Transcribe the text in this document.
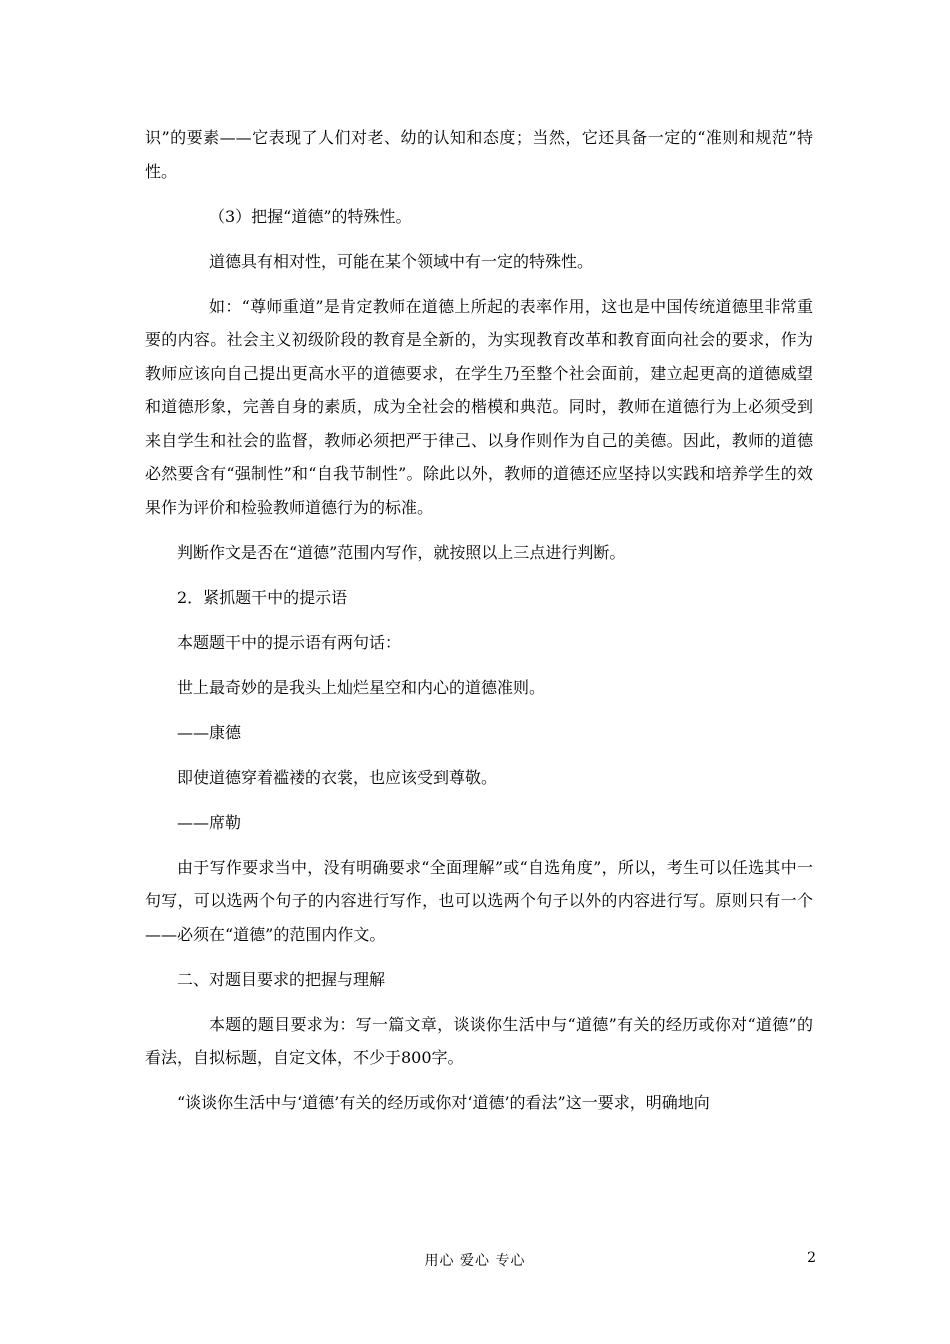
识”的要素——它表现了人们对老、幼的认知和态度；当然，它还具备一定的“准则和规范”特性。

（3）把握“道德”的特殊性。

道德具有相对性，可能在某个领域中有一定的特殊性。

如：“尊师重道”是肯定教师在道德上所起的表率作用，这也是中国传统道德里非常重要的内容。社会主义初级阶段的教育是全新的，为实现教育改革和教育面向社会的要求，作为教师应该向自己提出更高水平的道德要求，在学生乃至整个社会面前，建立起更高的道德威望和道德形象，完善自身的素质，成为全社会的楷模和典范。同时，教师在道德行为上必须受到来自学生和社会的监督，教师必须把严于律己、以身作则作为自己的美德。因此，教师的道德必然要含有“强制性”和“自我节制性”。除此以外，教师的道德还应坚持以实践和培养学生的效果作为评价和检验教师道德行为的标准。

判断作文是否在“道德”范围内写作，就按照以上三点进行判断。

2．紧抓题干中的提示语

本题题干中的提示语有两句话：

世上最奇妙的是我头上灿烂星空和内心的道德准则。

——康德

即使道德穿着褴褛的衣裳，也应该受到尊敬。

——席勒

由于写作要求当中，没有明确要求“全面理解”或“自选角度”，所以，考生可以任选其中一句写，可以选两个句子的内容进行写作，也可以选两个句子以外的内容进行写。原则只有一个——必须在“道德”的范围内作文。

二、对题目要求的把握与理解

本题的题目要求为：写一篇文章，谈谈你生活中与“道德”有关的经历或你对“道德”的看法，自拟标题，自定文体，不少于800字。

“谈谈你生活中与‘道德’有关的经历或你对‘道德’的看法”这一要求，明确地向

用心 爱心 专心	2
